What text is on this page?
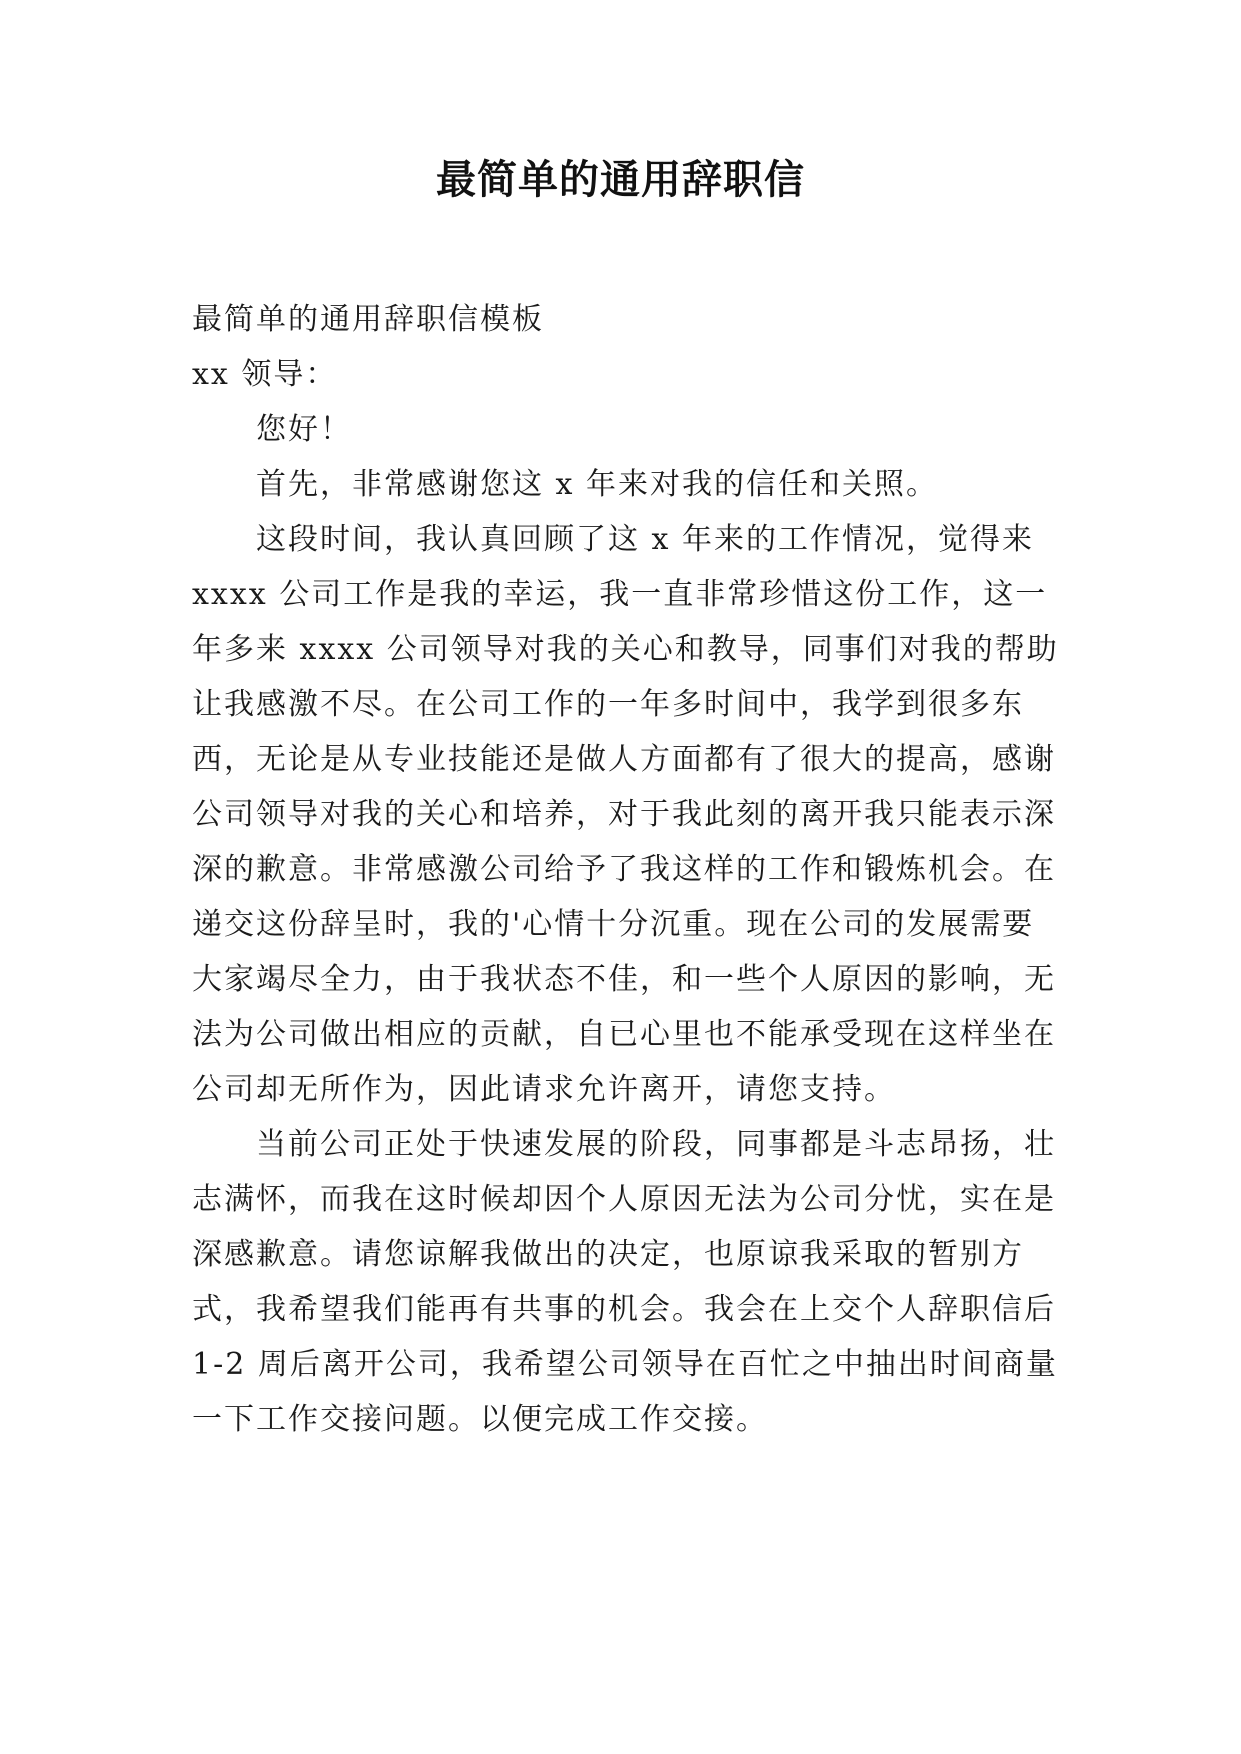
最简单的通用辞职信

最简单的通用辞职信模板

xx 领导：

您好！

首先，非常感谢您这 x 年来对我的信任和关照。

这段时间，我认真回顾了这 x 年来的工作情况，觉得来 xxxx 公司工作是我的幸运，我一直非常珍惜这份工作，这一年多来 xxxx 公司领导对我的关心和教导，同事们对我的帮助让我感激不尽。在公司工作的一年多时间中，我学到很多东西，无论是从专业技能还是做人方面都有了很大的提高，感谢公司领导对我的关心和培养，对于我此刻的离开我只能表示深深的歉意。非常感激公司给予了我这样的工作和锻炼机会。在递交这份辞呈时，我的'心情十分沉重。现在公司的发展需要大家竭尽全力，由于我状态不佳，和一些个人原因的影响，无法为公司做出相应的贡献，自已心里也不能承受现在这样坐在公司却无所作为，因此请求允许离开，请您支持。

当前公司正处于快速发展的阶段，同事都是斗志昂扬，壮志满怀，而我在这时候却因个人原因无法为公司分忧，实在是深感歉意。请您谅解我做出的决定，也原谅我采取的暂别方式，我希望我们能再有共事的机会。我会在上交个人辞职信后 1-2 周后离开公司，我希望公司领导在百忙之中抽出时间商量一下工作交接问题。以便完成工作交接。
